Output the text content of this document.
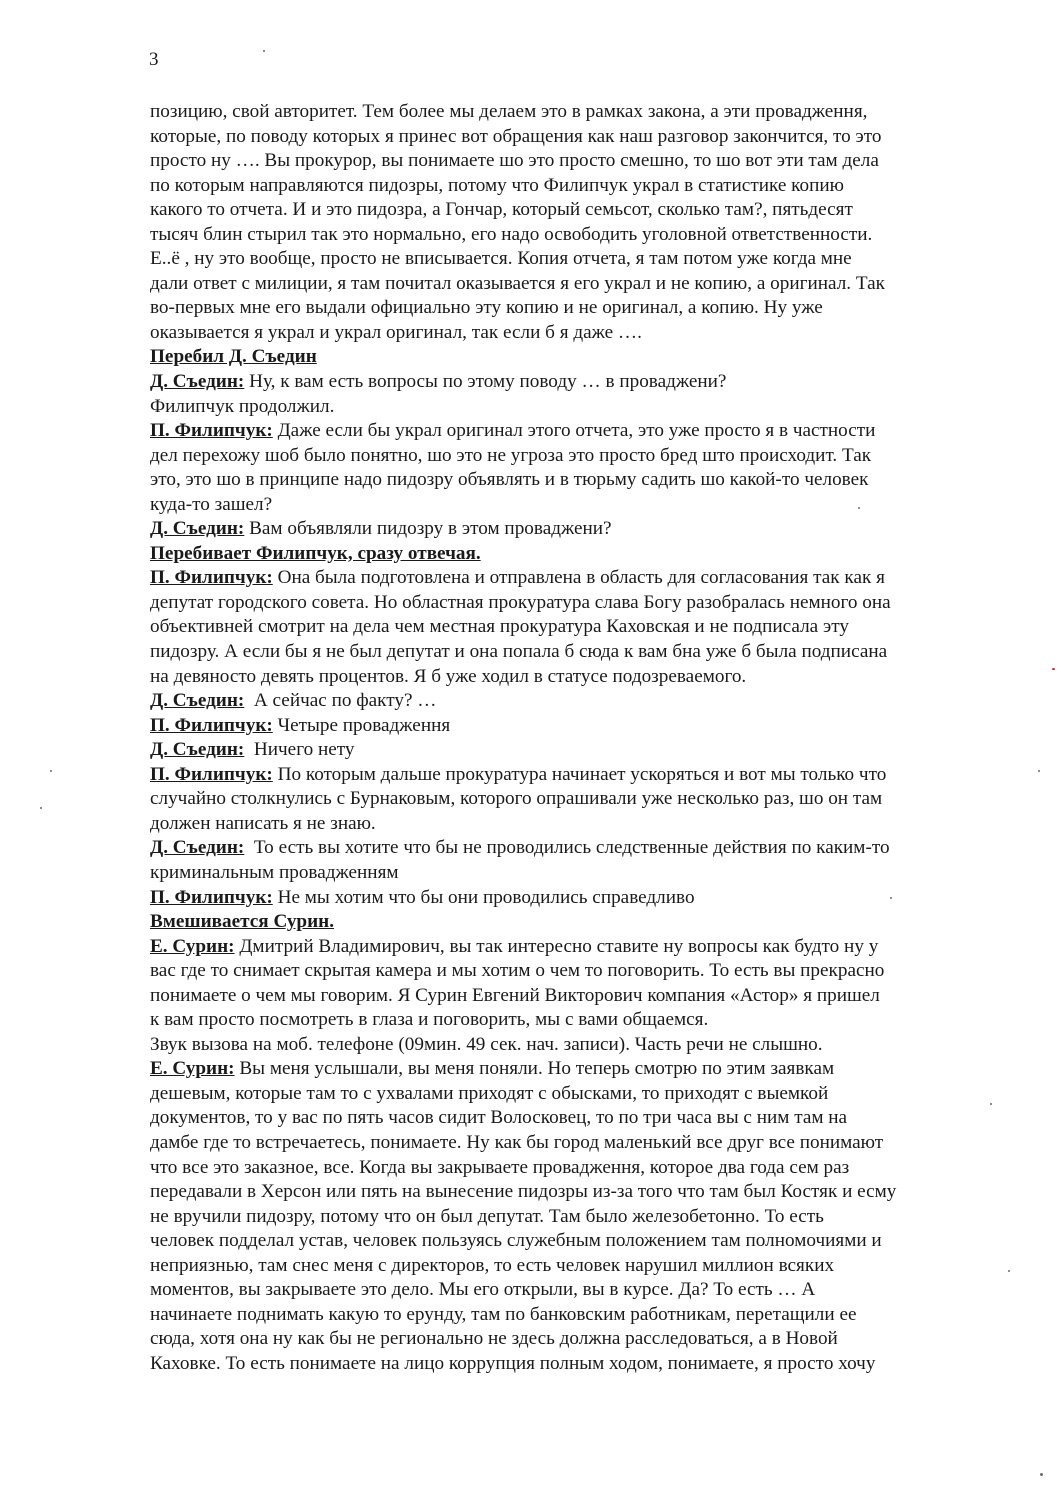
3
позицию, свой авторитет. Тем более мы делаем это в рамках закона, а эти провадження,
которые, по поводу которых я принес вот обращения как наш разговор закончится, то это
просто ну …. Вы прокурор, вы понимаете шо это просто смешно, то шо вот эти там дела
по которым направляются пидозры, потому что Филипчук украл в статистике копию
какого то отчета. И и это пидозра, а Гончар, который семьсот, сколько там?, пятьдесят
тысяч блин стырил так это нормально, его надо освободить уголовной ответственности.
Е..ё , ну это вообще, просто не вписывается. Копия отчета, я там потом уже когда мне
дали ответ с милиции, я там почитал оказывается я его украл и не копию, а оригинал. Так
во-первых мне его выдали официально эту копию и не оригинал, а копию. Ну уже
оказывается я украл и украл оригинал, так если б я даже ….
Перебил Д. Съедин
Д. Съедин: Ну, к вам есть вопросы по этому поводу … в проваджени?
Филипчук продолжил.
П. Филипчук: Даже если бы украл оригинал этого отчета, это уже просто я в частности
дел перехожу шоб было понятно, шо это не угроза это просто бред што происходит. Так
это, это шо в принципе надо пидозру объявлять и в тюрьму садить шо какой-то человек
куда-то зашел?
Д. Съедин: Вам объявляли пидозру в этом проваджени?
Перебивает Филипчук, сразу отвечая.
П. Филипчук: Она была подготовлена и отправлена в область для согласования так как я
депутат городского совета. Но областная прокуратура слава Богу разобралась немного она
объективней смотрит на дела чем местная прокуратура Каховская и не подписала эту
пидозру. А если бы я не был депутат и она попала б сюда к вам бна уже б была подписана
на девяносто девять процентов. Я б уже ходил в статусе подозреваемого.
Д. Съедин:  А сейчас по факту? …
П. Филипчук: Четыре провадження
Д. Съедин:  Ничего нету
П. Филипчук: По которым дальше прокуратура начинает ускоряться и вот мы только что
случайно столкнулись с Бурнаковым, которого опрашивали уже несколько раз, шо он там
должен написать я не знаю.
Д. Съедин:  То есть вы хотите что бы не проводились следственные действия по каким-то
криминальным провадженням
П. Филипчук: Не мы хотим что бы они проводились справедливо
Вмешивается Сурин.
Е. Сурин: Дмитрий Владимирович, вы так интересно ставите ну вопросы как будто ну у
вас где то снимает скрытая камера и мы хотим о чем то поговорить. То есть вы прекрасно
понимаете о чем мы говорим. Я Сурин Евгений Викторович компания «Астор» я пришел
к вам просто посмотреть в глаза и поговорить, мы с вами общаемся.
Звук вызова на моб. телефоне (09мин. 49 сек. нач. записи). Часть речи не слышно.
Е. Сурин: Вы меня услышали, вы меня поняли. Но теперь смотрю по этим заявкам
дешевым, которые там то с ухвалами приходят с обысками, то приходят с выемкой
документов, то у вас по пять часов сидит Волосковец, то по три часа вы с ним там на
дамбе где то встречаетесь, понимаете. Ну как бы город маленький все друг все понимают
что все это заказное, все. Когда вы закрываете провадження, которое два года сем раз
передавали в Херсон или пять на вынесение пидозры из-за того что там был Костяк и есму
не вручили пидозру, потому что он был депутат. Там было железобетонно. То есть
человек подделал устав, человек пользуясь служебным положением там полномочиями и
неприязнью, там снес меня с директоров, то есть человек нарушил миллион всяких
моментов, вы закрываете это дело. Мы его открыли, вы в курсе. Да? То есть … А
начинаете поднимать какую то ерунду, там по банковским работникам, перетащили ее
сюда, хотя она ну как бы не регионально не здесь должна расследоваться, а в Новой
Каховке. То есть понимаете на лицо коррупция полным ходом, понимаете, я просто хочу
